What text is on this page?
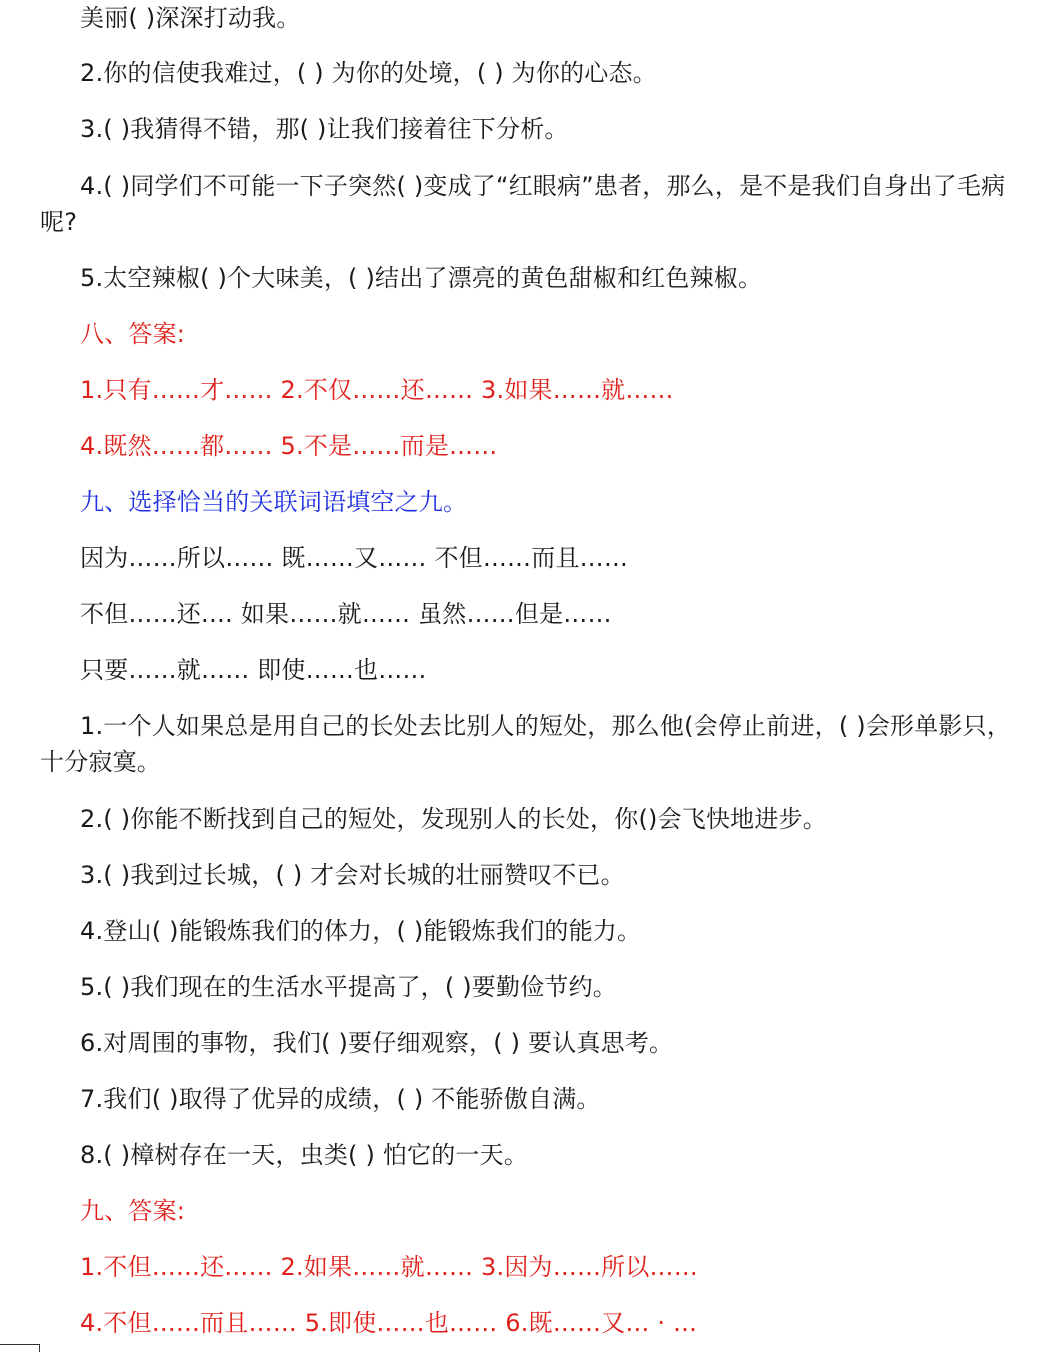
美丽( )深深打动我。
2.你的信使我难过，( ) 为你的处境，( ) 为你的心态。
3.( )我猜得不错，那( )让我们接着往下分析。
4.( )同学们不可能一下子突然( )变成了“红眼病”患者，那么，是不是我们自身出了毛病呢?
5.太空辣椒( )个大味美，( )结出了漂亮的黄色甜椒和红色辣椒。
八、答案:
1.只有……才…… 2.不仅……还…… 3.如果……就……
4.既然……都…… 5.不是……而是……
九、选择恰当的关联词语填空之九。
因为……所以…… 既……又…… 不但……而且……
不但……还.… 如果……就…… 虽然……但是……
只要……就…… 即使……也……
1.一个人如果总是用自己的长处去比别人的短处，那么他(会停止前进，( )会形单影只，十分寂寞。
2.( )你能不断找到自己的短处，发现别人的长处，你()会飞快地进步。
3.( )我到过长城，( ) 才会对长城的壮丽赞叹不已。
4.登山( )能锻炼我们的体力，( )能锻炼我们的能力。
5.( )我们现在的生活水平提高了，( )要勤俭节约。
6.对周围的事物，我们( )要仔细观察，( ) 要认真思考。
7.我们( )取得了优异的成绩，( ) 不能骄傲自满。
8.( )樟树存在一天，虫类( ) 怕它的一天。
九、答案:
1.不但……还…… 2.如果……就…… 3.因为……所以……
4.不但……而且…… 5.即使……也…… 6.既……又… · …
